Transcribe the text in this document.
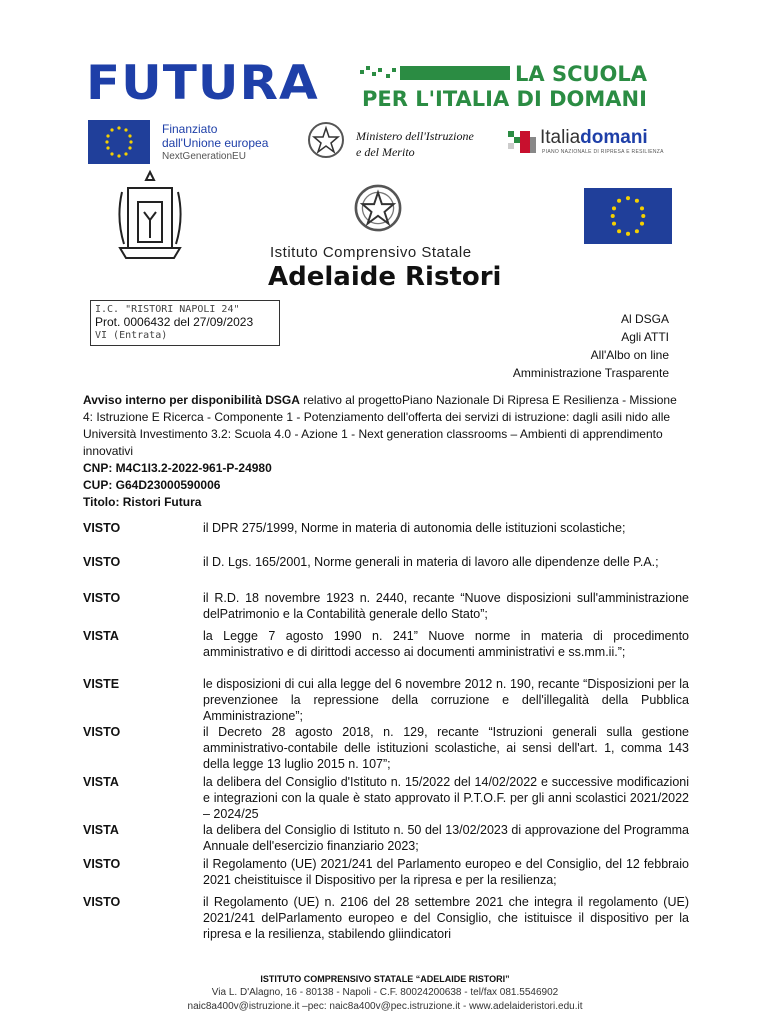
FUTURA	LA SCUOLA
PER L'ITALIA DI DOMANI
Finanziato
dall'Unione europea
NextGenerationEU
Ministero dell'Istruzione
e del Merito
Italiadomani
PIANO NAZIONALE DI RIPRESA E RESILIENZA
Istituto Comprensivo Statale
Adelaide Ristori
I.C. "RISTORI NAPOLI 24"
Prot. 0006432 del 27/09/2023
VI (Entrata)
Al DSGA
Agli ATTI
All'Albo on line
Amministrazione Trasparente
Avviso interno per disponibilità DSGA relativo al progettoPiano Nazionale Di Ripresa E Resilienza - Missione 4: Istruzione E Ricerca - Componente 1 - Potenziamento dell'offerta dei servizi di istruzione: dagli asili nido alle Università Investimento 3.2: Scuola 4.0 - Azione 1 - Next generation classrooms – Ambienti di apprendimento innovativi
CNP: M4C1I3.2-2022-961-P-24980
CUP: G64D23000590006
Titolo: Ristori Futura
VISTO	il DPR 275/1999, Norme in materia di autonomia delle istituzioni scolastiche;
VISTO	il D. Lgs. 165/2001, Norme generali in materia di lavoro alle dipendenze delle P.A.;
VISTO	il R.D. 18 novembre 1923 n. 2440, recante “Nuove disposizioni sull'amministrazione delPatrimonio e la Contabilità generale dello Stato”;
VISTA	la Legge 7 agosto 1990 n. 241” Nuove norme in materia di procedimento amministrativo e di dirittodi accesso ai documenti amministrativi e ss.mm.ii.”;
VISTE	le disposizioni di cui alla legge del 6 novembre 2012 n. 190, recante “Disposizioni per la prevenzionee la repressione della corruzione e dell'illegalità della Pubblica Amministrazione”;
VISTO	il Decreto 28 agosto 2018, n. 129, recante “Istruzioni generali sulla gestione amministrativo-contabile delle istituzioni scolastiche, ai sensi dell'art. 1, comma 143 della legge 13 luglio 2015 n. 107”;
VISTA	la delibera del Consiglio d'Istituto n. 15/2022 del 14/02/2022 e successive modificazioni e integrazioni con la quale è stato approvato il P.T.O.F. per gli anni scolastici 2021/2022 – 2024/25
VISTA	la delibera del Consiglio di Istituto n. 50 del 13/02/2023 di approvazione del Programma Annuale dell'esercizio finanziario 2023;
VISTO	il Regolamento (UE) 2021/241 del Parlamento europeo e del Consiglio, del 12 febbraio 2021 cheistituisce il Dispositivo per la ripresa e per la resilienza;
VISTO	il Regolamento (UE) n. 2106 del 28 settembre 2021 che integra il regolamento (UE) 2021/241 delParlamento europeo e del Consiglio, che istituisce il dispositivo per la ripresa e la resilienza, stabilendo gliindicatori
ISTITUTO COMPRENSIVO STATALE “ADELAIDE RISTORI”
Via L. D'Alagno, 16 - 80138 - Napoli - C.F. 80024200638 - tel/fax 081.5546902
naic8a400v@istruzione.it –pec: naic8a400v@pec.istruzione.it - www.adelaideristori.edu.it
